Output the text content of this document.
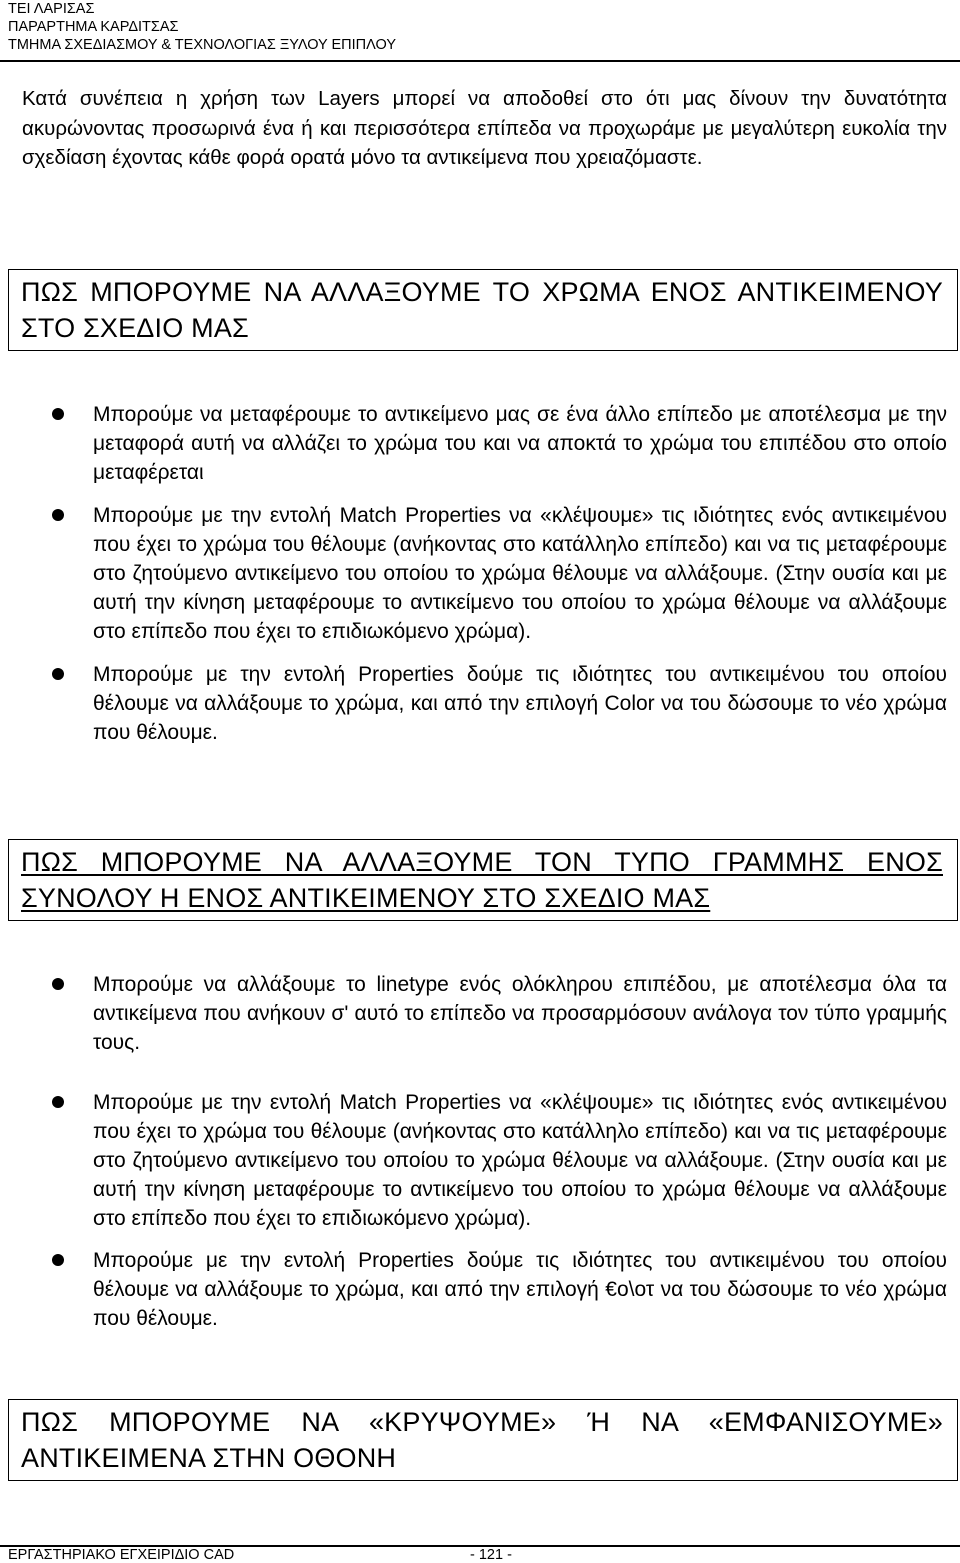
ΤΕΙ ΛΑΡΙΣΑΣ
ΠΑΡΑΡΤΗΜΑ ΚΑΡΔΙΤΣΑΣ
ΤΜΗΜΑ ΣΧΕΔΙΑΣΜΟΥ & ΤΕΧΝΟΛΟΓΙΑΣ ΞΥΛΟΥ ΕΠΙΠΛΟΥ
Κατά συνέπεια η χρήση των Layers μπορεί να αποδοθεί στο ότι μας δίνουν την δυνατότητα ακυρώνοντας προσωρινά ένα ή και περισσότερα επίπεδα να προχωράμε με μεγαλύτερη ευκολία την σχεδίαση έχοντας κάθε φορά ορατά μόνο τα αντικείμενα που χρειαζόμαστε.
ΠΩΣ ΜΠΟΡΟΥΜΕ ΝΑ ΑΛΛΑΞΟΥΜΕ ΤΟ ΧΡΩΜΑ ΕΝΟΣ ΑΝΤΙΚΕΙΜΕΝΟΥ ΣΤΟ ΣΧΕΔΙΟ ΜΑΣ
Μπορούμε να μεταφέρουμε το αντικείμενο μας σε ένα άλλο επίπεδο με αποτέλεσμα με την μεταφορά αυτή να αλλάζει το χρώμα του και να αποκτά το χρώμα του επιπέδου στο οποίο μεταφέρεται
Μπορούμε με την εντολή Match Properties να «κλέψουμε» τις ιδιότητες ενός αντικειμένου που έχει το χρώμα του θέλουμε (ανήκοντας στο κατάλληλο επίπεδο) και να τις μεταφέρουμε στο ζητούμενο αντικείμενο του οποίου το χρώμα θέλουμε να αλλάξουμε. (Στην ουσία και με αυτή την κίνηση μεταφέρουμε το αντικείμενο του οποίου το χρώμα θέλουμε να αλλάξουμε στο επίπεδο που έχει το επιδιωκόμενο χρώμα).
Μπορούμε με την εντολή Properties δούμε τις ιδιότητες του αντικειμένου του οποίου θέλουμε να αλλάξουμε το χρώμα, και από την επιλογή Color να του δώσουμε το νέο χρώμα που θέλουμε.
ΠΩΣ ΜΠΟΡΟΥΜΕ ΝΑ ΑΛΛΑΞΟΥΜΕ ΤΟΝ ΤΥΠΟ ΓΡΑΜΜΗΣ ΕΝΟΣ ΣΥΝΟΛΟΥ Η ΕΝΟΣ ΑΝΤΙΚΕΙΜΕΝΟΥ ΣΤΟ ΣΧΕΔΙΟ ΜΑΣ
Μπορούμε να αλλάξουμε το linetype ενός ολόκληρου επιπέδου, με αποτέλεσμα όλα τα αντικείμενα που ανήκουν σ' αυτό το επίπεδο να προσαρμόσουν ανάλογα τον τύπο γραμμής τους.
Μπορούμε με την εντολή Match Properties να «κλέψουμε» τις ιδιότητες ενός αντικειμένου που έχει το χρώμα του θέλουμε (ανήκοντας στο κατάλληλο επίπεδο) και να τις μεταφέρουμε στο ζητούμενο αντικείμενο του οποίου το χρώμα θέλουμε να αλλάξουμε. (Στην ουσία και με αυτή την κίνηση μεταφέρουμε το αντικείμενο του οποίου το χρώμα θέλουμε να αλλάξουμε στο επίπεδο που έχει το επιδιωκόμενο χρώμα).
Μπορούμε με την εντολή Properties δούμε τις ιδιότητες του αντικειμένου του οποίου θέλουμε να αλλάξουμε το χρώμα, και από την επιλογή €ο\οτ να του δώσουμε το νέο χρώμα που θέλουμε.
ΠΩΣ ΜΠΟΡΟΥΜΕ ΝΑ «ΚΡΥΨΟΥΜΕ» Ή ΝΑ «ΕΜΦΑΝΙΣΟΥΜΕ» ΑΝΤΙΚΕΙΜΕΝΑ ΣΤΗΝ ΟΘΟΝΗ
ΕΡΓΑΣΤΗΡΙΑΚΟ ΕΓΧΕΙΡΙΔΙΟ CAD	- 121 -
